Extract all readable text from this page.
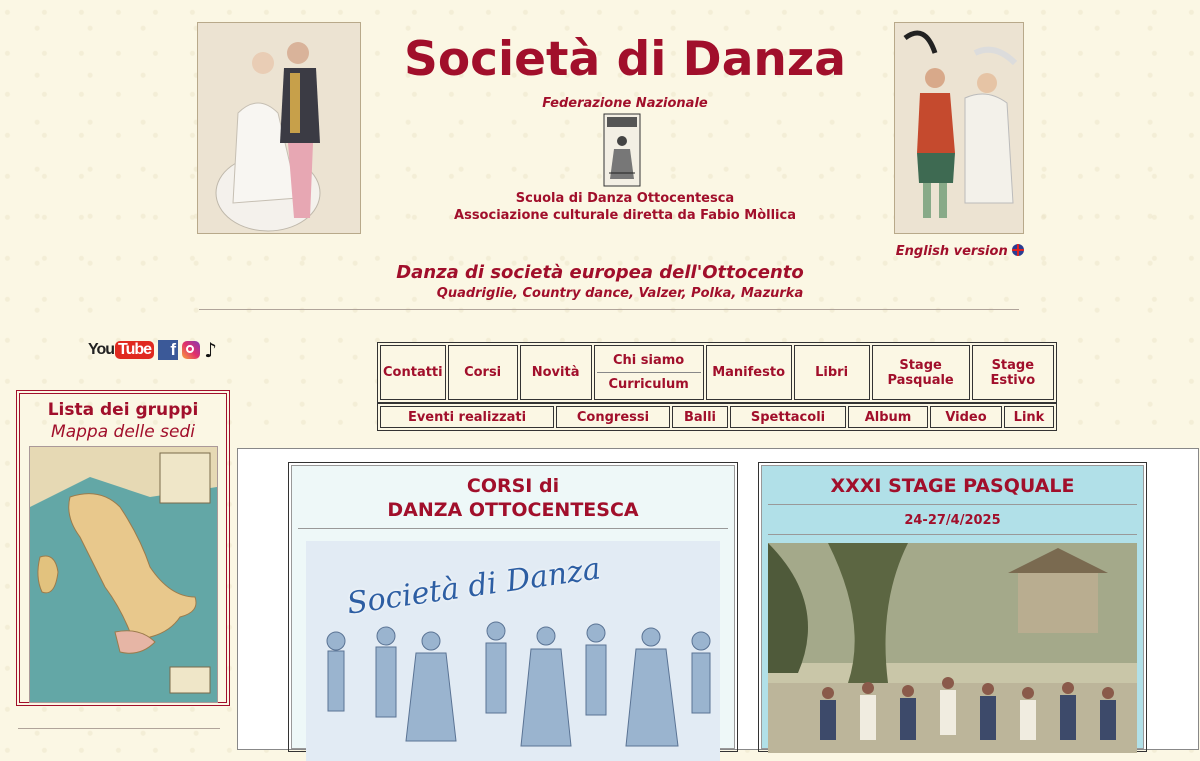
Società di Danza
Federazione Nazionale
Scuola di Danza Ottocentesca
Associazione culturale diretta da Fabio Mòllica
English version
Danza di società europea dell'Ottocento
Quadriglie, Country dance, Valzer, Polka, Mazurka
You Tube	f ♪
Contatti	Corsi	Novità	
Chi siamo
Curriculum
	Manifesto	Libri	Stage Pasquale	Stage Estivo
Eventi realizzati	Congressi	Balli	Spettacoli	Album	Video	Link
Lista dei gruppi
Mappa delle sedi
CORSI di
DANZA OTTOCENTESCA
Società di Danza
XXXI STAGE PASQUALE
24-27/4/2025
